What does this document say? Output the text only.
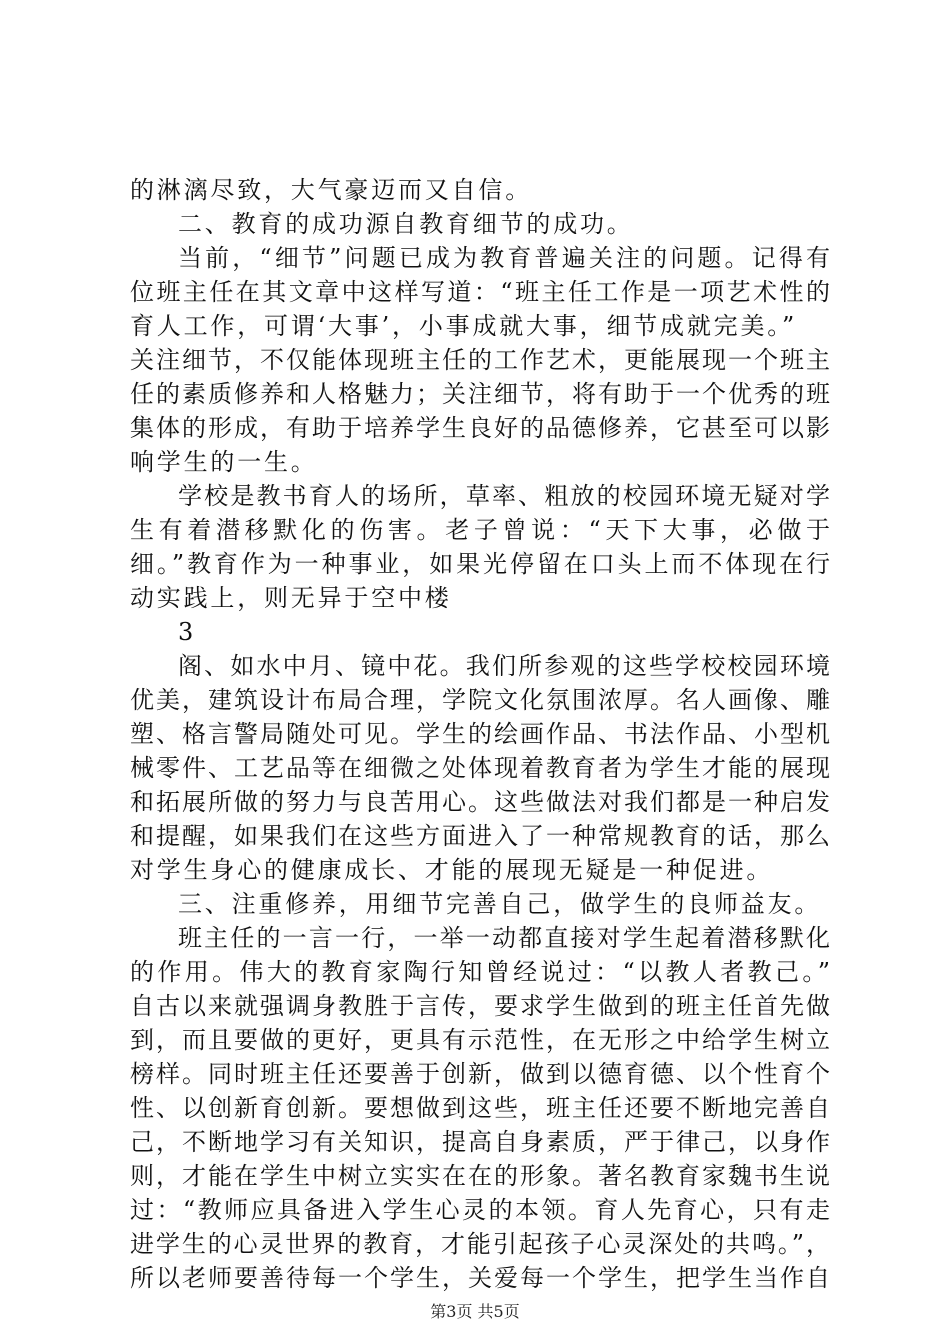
的淋漓尽致，大气豪迈而又自信。
二、教育的成功源自教育细节的成功。
当前，“细节”问题已成为教育普遍关注的问题。记得有
位班主任在其文章中这样写道：“班主任工作是一项艺术性的
育人工作，可谓‘大事’，小事成就大事，细节成就完美。”
关注细节，不仅能体现班主任的工作艺术，更能展现一个班主
任的素质修养和人格魅力；关注细节，将有助于一个优秀的班
集体的形成，有助于培养学生良好的品德修养，它甚至可以影
响学生的一生。
学校是教书育人的场所，草率、粗放的校园环境无疑对学
生有着潜移默化的伤害。老子曾说：“天下大事，必做于
细。”教育作为一种事业，如果光停留在口头上而不体现在行
动实践上，则无异于空中楼
3
阁、如水中月、镜中花。我们所参观的这些学校校园环境
优美，建筑设计布局合理，学院文化氛围浓厚。名人画像、雕
塑、格言警局随处可见。学生的绘画作品、书法作品、小型机
械零件、工艺品等在细微之处体现着教育者为学生才能的展现
和拓展所做的努力与良苦用心。这些做法对我们都是一种启发
和提醒，如果我们在这些方面进入了一种常规教育的话，那么
对学生身心的健康成长、才能的展现无疑是一种促进。
三、注重修养，用细节完善自己，做学生的良师益友。
班主任的一言一行，一举一动都直接对学生起着潜移默化
的作用。伟大的教育家陶行知曾经说过：“以教人者教己。”
自古以来就强调身教胜于言传，要求学生做到的班主任首先做
到，而且要做的更好，更具有示范性，在无形之中给学生树立
榜样。同时班主任还要善于创新，做到以德育德、以个性育个
性、以创新育创新。要想做到这些，班主任还要不断地完善自
己，不断地学习有关知识，提高自身素质，严于律己，以身作
则，才能在学生中树立实实在在的形象。著名教育家魏书生说
过：“教师应具备进入学生心灵的本领。育人先育心，只有走
进学生的心灵世界的教育，才能引起孩子心灵深处的共鸣。”，
所以老师要善待每一个学生，关爱每一个学生，把学生当作自
第3页 共5页
